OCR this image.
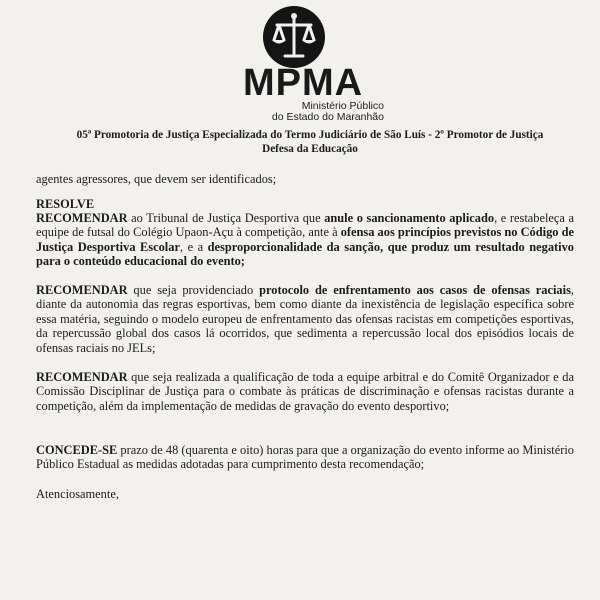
MPMA
Ministério Público
do Estado do Maranhão
05ª Promotoria de Justiça Especializada do Termo Judiciário de São Luís - 2º Promotor de Justiça
Defesa da Educação
agentes agressores, que devem ser identificados;
RESOLVE
RECOMENDAR ao Tribunal de Justiça Desportiva que anule o sancionamento aplicado, e restabeleça a equipe de futsal do Colégio Upaon-Açu à competição, ante à ofensa aos princípios previstos no Código de Justiça Desportiva Escolar, e a desproporcionalidade da sanção, que produz um resultado negativo para o conteúdo educacional do evento;
RECOMENDAR que seja providenciado protocolo de enfrentamento aos casos de ofensas raciais, diante da autonomia das regras esportivas, bem como diante da inexistência de legislação específica sobre essa matéria, seguindo o modelo europeu de enfrentamento das ofensas racistas em competições esportivas, da repercussão global dos casos lá ocorridos, que sedimenta a repercussão local dos episódios locais de ofensas raciais no JELs;
RECOMENDAR que seja realizada a qualificação de toda a equipe arbitral e do Comitê Organizador e da Comissão Disciplinar de Justiça para o combate às práticas de discriminação e ofensas racistas durante a competição, além da implementação de medidas de gravação do evento desportivo;
CONCEDE-SE prazo de 48 (quarenta e oito) horas para que a organização do evento informe ao Ministério Público Estadual as medidas adotadas para cumprimento desta recomendação;
Atenciosamente,
